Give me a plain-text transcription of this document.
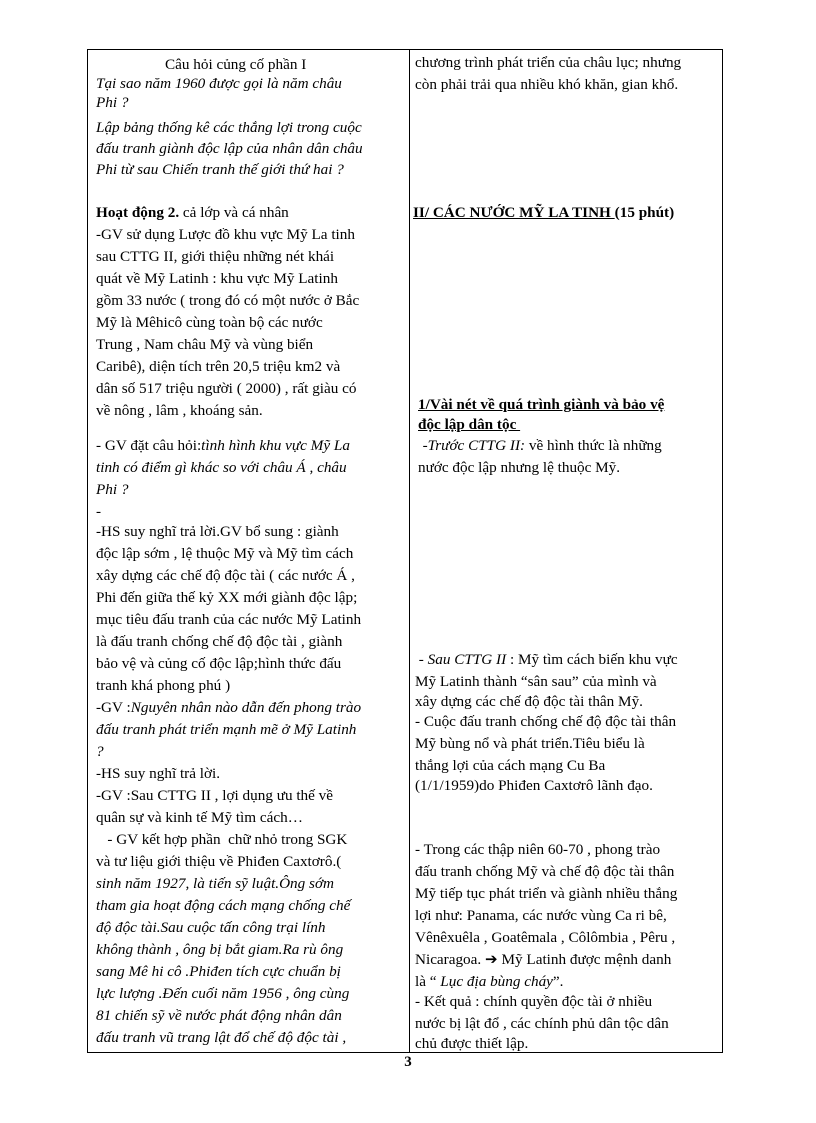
Câu hỏi củng cố phần I
Tại sao năm 1960 được gọi là năm châu
Phi ?
Lập bảng thống kê các thắng lợi trong cuộc
đấu tranh giành độc lập của nhân dân châu
Phi từ sau Chiến tranh thế giới thứ hai ?
Hoạt động 2. cả lớp và cá nhân
-GV sử dụng Lược đồ khu vực Mỹ La tinh
sau CTTG II, giới thiệu những nét khái
quát về Mỹ Latinh : khu vực Mỹ Latinh
gồm 33 nước ( trong đó có một nước ở Bắc
Mỹ là Mêhicô cùng toàn bộ các nước
Trung , Nam châu Mỹ và vùng biển
Caribê), diện tích trên 20,5 triệu km2 và
dân số 517 triệu người ( 2000) , rất giàu có
về nông , lâm , khoáng sản.
- GV đặt câu hỏi:tình hình khu vực Mỹ La
tinh có điểm gì khác so với châu Á , châu
Phi ?
-
-HS suy nghĩ trả lời.GV bổ sung : giành
độc lập sớm , lệ thuộc Mỹ và Mỹ tìm cách
xây dựng các chế độ độc tài ( các nước Á ,
Phi đến giữa thế kỷ XX mới giành độc lập;
mục tiêu đấu tranh của các nước Mỹ Latinh
là đấu tranh chống chế độ độc tài , giành
bảo vệ và củng cố độc lập;hình thức đấu
tranh khá phong phú )
-GV :Nguyên nhân nào dẫn đến phong trào
đấu tranh phát triển mạnh mẽ ở Mỹ Latinh
?
-HS suy nghĩ trả lời.
-GV :Sau CTTG II , lợi dụng ưu thế về
quân sự và kinh tế Mỹ tìm cách…
- GV kết hợp phần  chữ nhỏ trong SGK
và tư liệu giới thiệu về Phiđen Caxtơrô.(
sinh năm 1927, là tiến sỹ luật.Ông sớm
tham gia hoạt động cách mạng chống chế
độ độc tài.Sau cuộc tấn công trại lính
không thành , ông bị bắt giam.Ra rù ông
sang Mê hi cô .Phiđen tích cực chuẩn bị
lực lượng .Đến cuối năm 1956 , ông cùng
81 chiến sỹ về nước phát động nhân dân
đấu tranh vũ trang lật đổ chế độ độc tài ,
chương trình phát triển của châu lục; nhưng
còn phải trải qua nhiều khó khăn, gian khổ.
II/ CÁC NƯỚC MỸ LA TINH (15 phút)
1/Vài nét về quá trình giành và bảo vệ
độc lập dân tộc
-Trước CTTG II: về hình thức là những
nước độc lập nhưng lệ thuộc Mỹ.
- Sau CTTG II : Mỹ tìm cách biến khu vực
Mỹ Latinh thành “sân sau” của mình và
xây dựng các chế độ độc tài thân Mỹ.
- Cuộc đấu tranh chống chế độ độc tài thân
Mỹ bùng nổ và phát triển.Tiêu biểu là
thắng lợi của cách mạng Cu Ba
(1/1/1959)do Phiđen Caxtơrô lãnh đạo.
- Trong các thập niên 60-70 , phong trào
đấu tranh chống Mỹ và chế độ độc tài thân
Mỹ tiếp tục phát triển và giành nhiều thắng
lợi như: Panama, các nước vùng Ca ri bê,
Vênêxuêla , Goatêmala , Côlômbia , Pêru ,
Nicaragoa. ➔ Mỹ Latinh được mệnh danh
là “ Lục địa bùng cháy”.
- Kết quả : chính quyền độc tài ở nhiều
nước bị lật đổ , các chính phủ dân tộc dân
chủ được thiết lập.
3
